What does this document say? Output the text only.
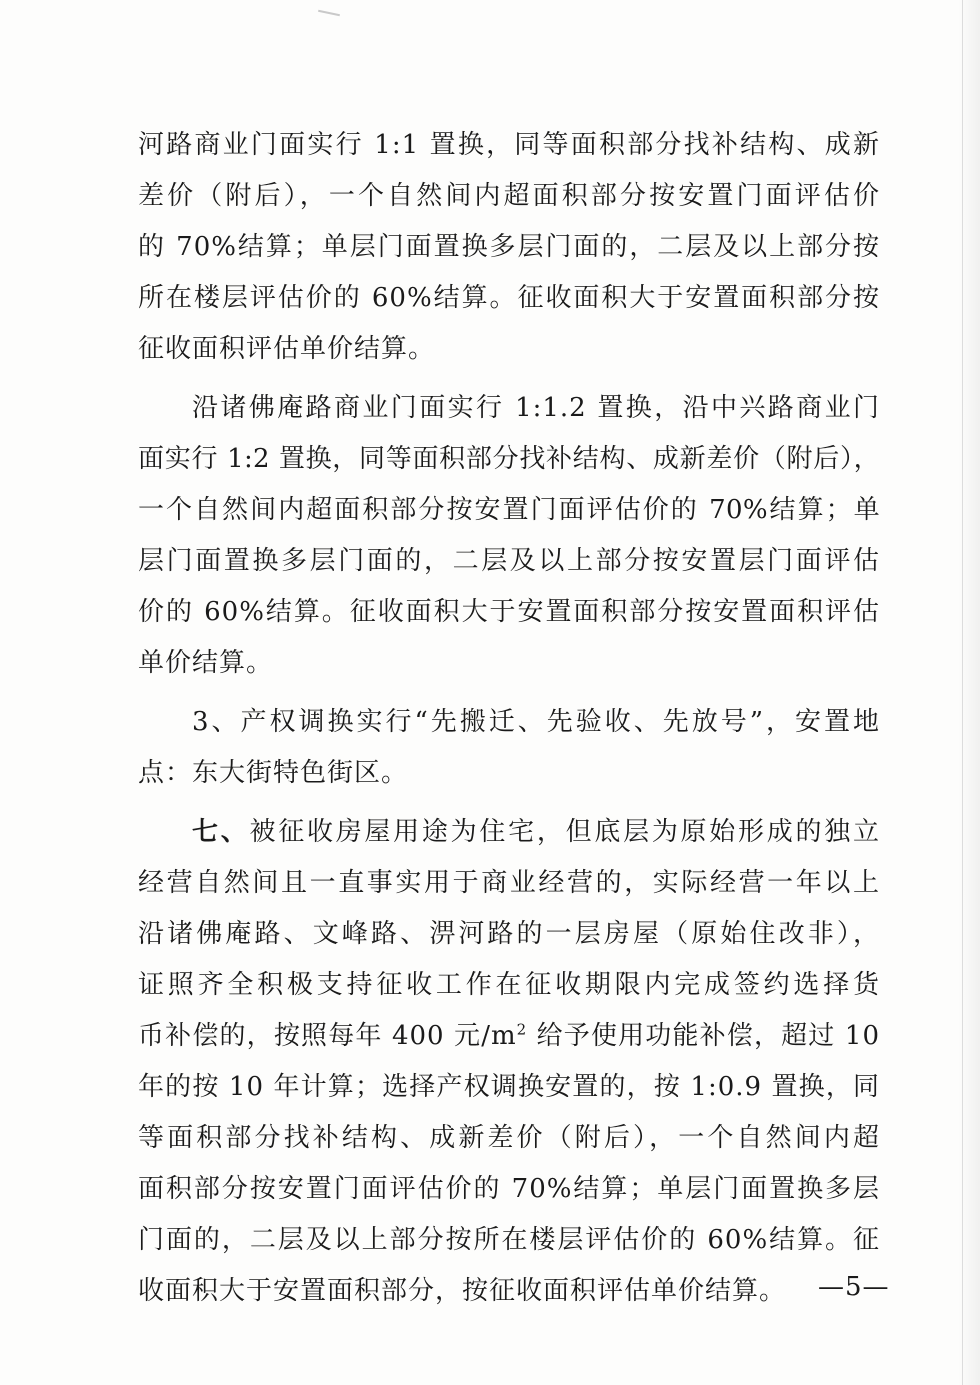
河路商业门面实行 1:1 置换，同等面积部分找补结构、成新
差价（附后），一个自然间内超面积部分按安置门面评估价
的 70%结算；单层门面置换多层门面的，二层及以上部分按
所在楼层评估价的 60%结算。征收面积大于安置面积部分按
征收面积评估单价结算。
沿诸佛庵路商业门面实行 1:1.2 置换，沿中兴路商业门
面实行 1:2 置换，同等面积部分找补结构、成新差价（附后），
一个自然间内超面积部分按安置门面评估价的 70%结算；单
层门面置换多层门面的，二层及以上部分按安置层门面评估
价的 60%结算。征收面积大于安置面积部分按安置面积评估
单价结算。
3、产权调换实行“先搬迁、先验收、先放号”，安置地
点：东大街特色街区。
七、被征收房屋用途为住宅，但底层为原始形成的独立
经营自然间且一直事实用于商业经营的，实际经营一年以上
沿诸佛庵路、文峰路、淠河路的一层房屋（原始住改非），
证照齐全积极支持征收工作在征收期限内完成签约选择货
币补偿的，按照每年 400 元$/m^2$ 给予使用功能补偿，超过 10
年的按 10 年计算；选择产权调换安置的，按 1:0.9 置换，同
等面积部分找补结构、成新差价（附后），一个自然间内超
面积部分按安置门面评估价的 70%结算；单层门面置换多层
门面的，二层及以上部分按所在楼层评估价的 60%结算。征
收面积大于安置面积部分，按征收面积评估单价结算。	—5—
